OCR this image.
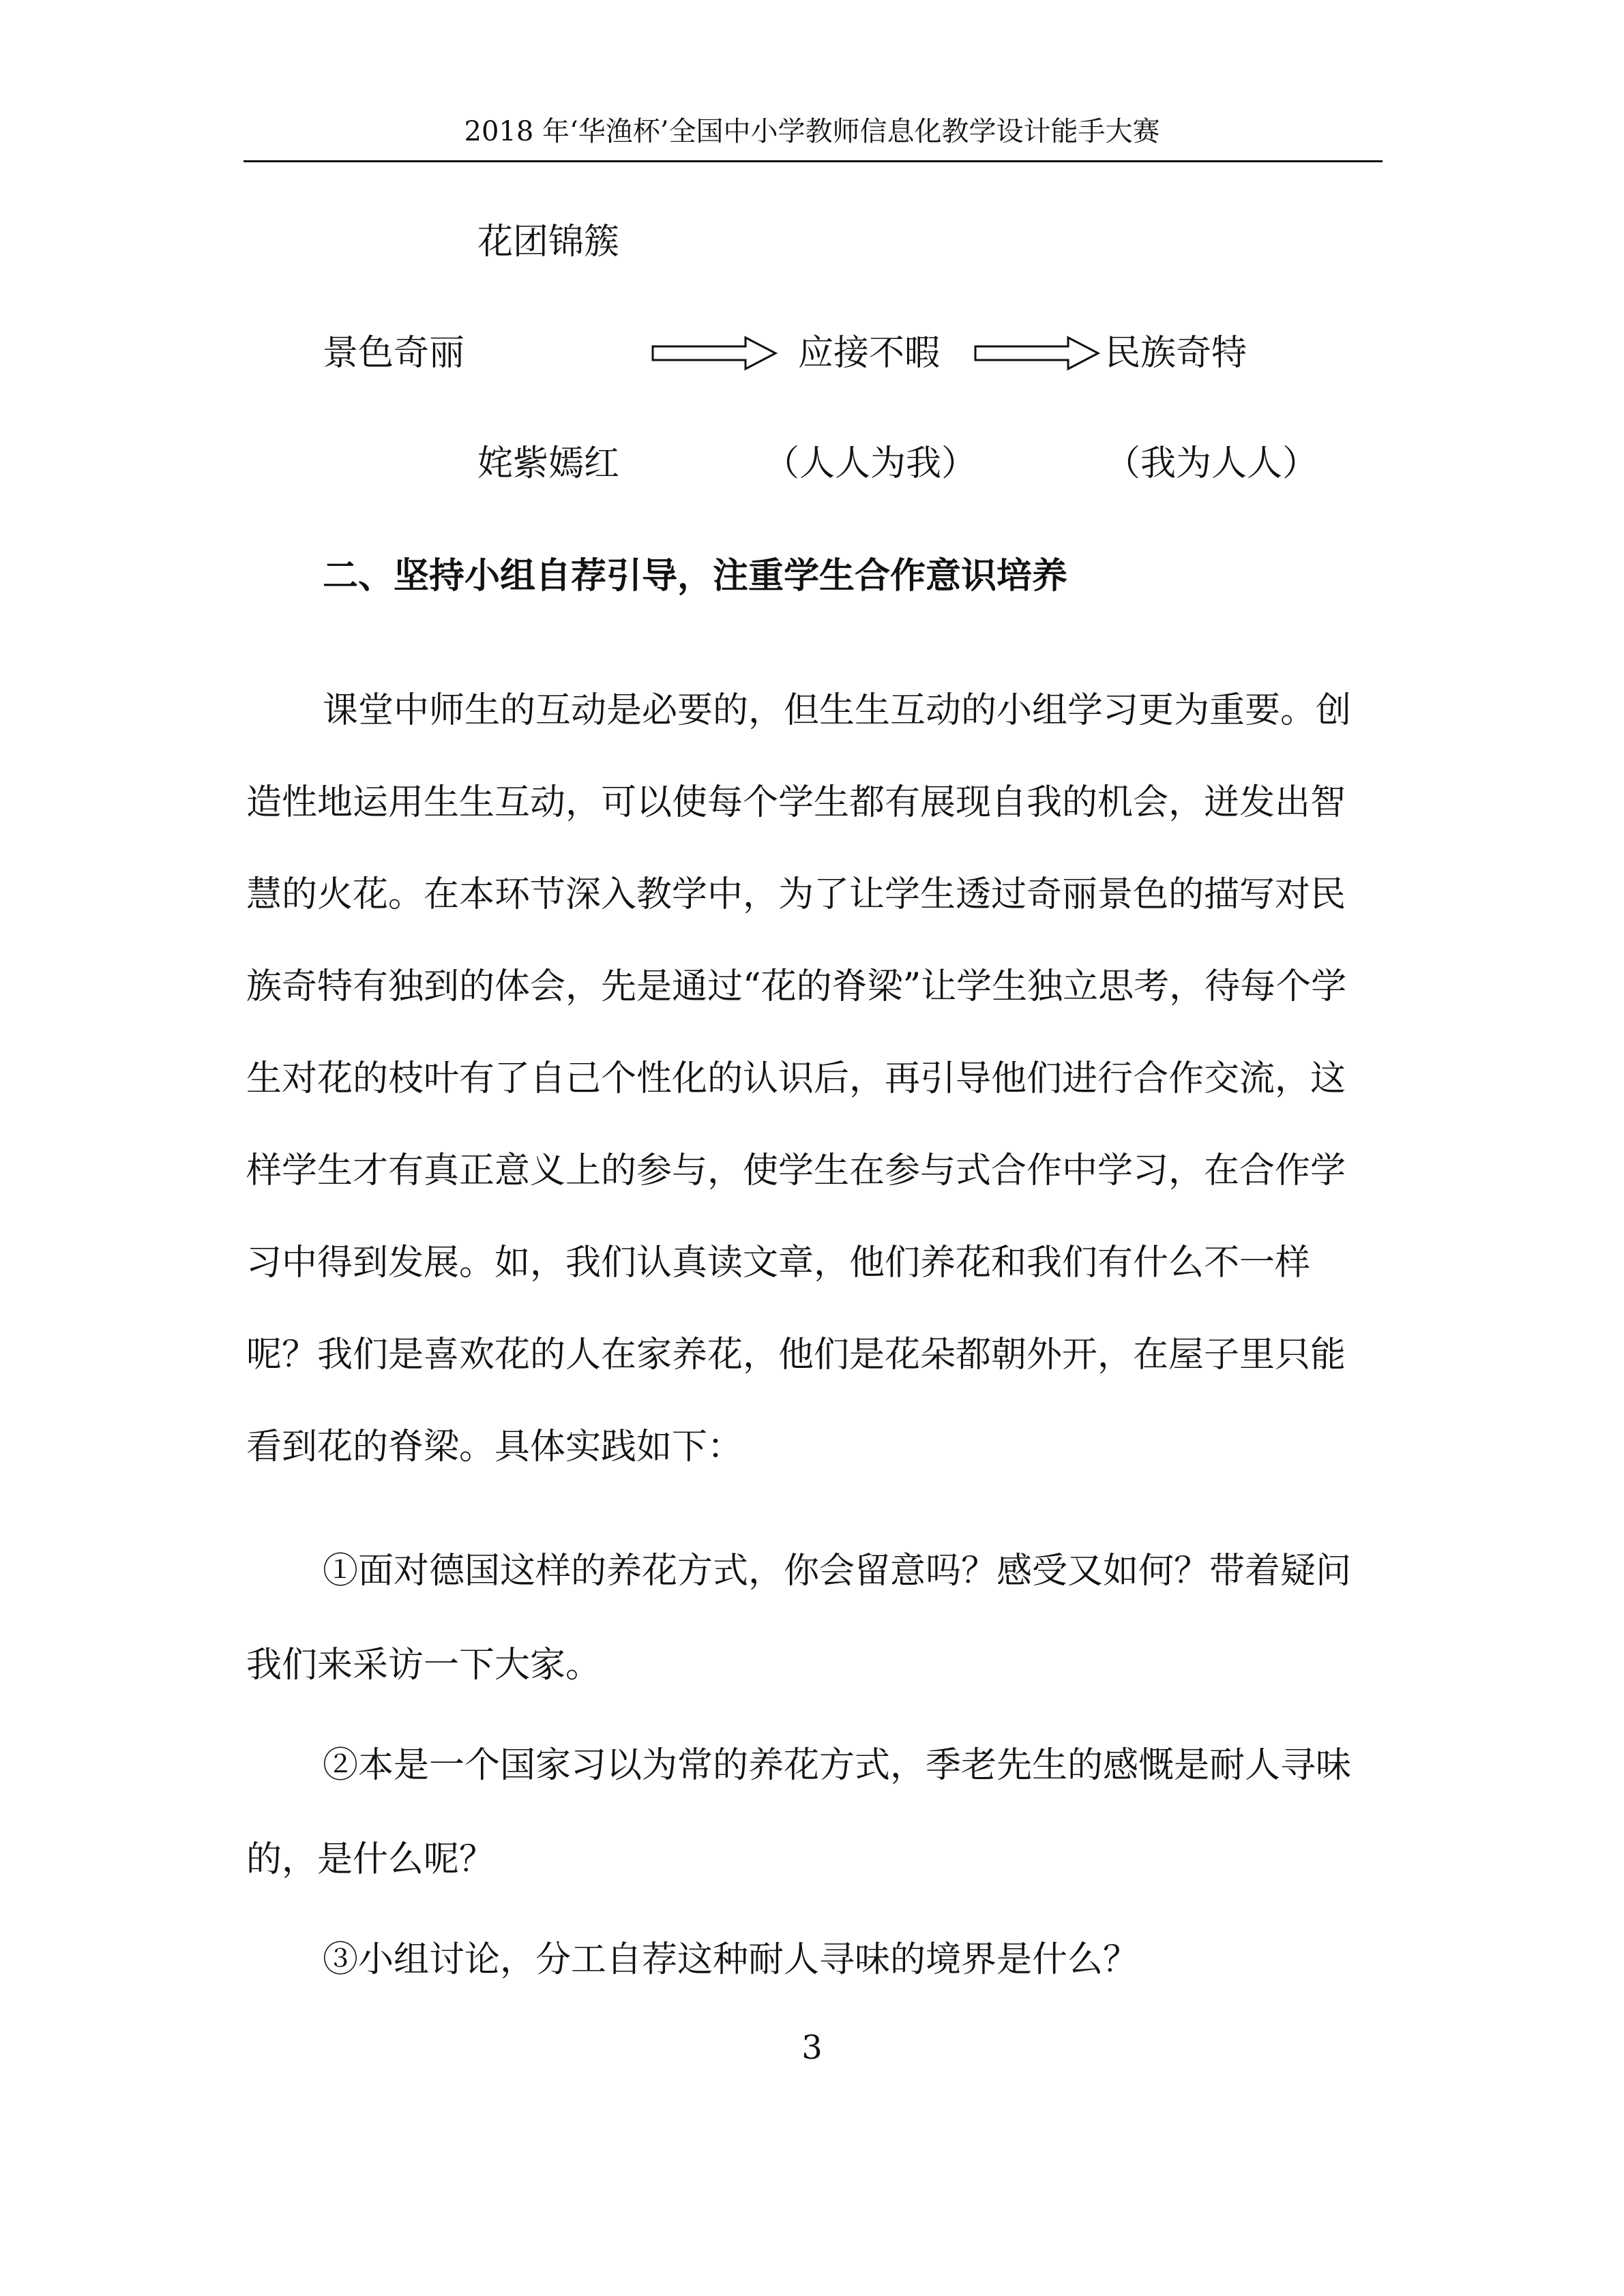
2018 年‘华渔杯’全国中小学教师信息化教学设计能手大赛
花团锦簇
景色奇丽
姹紫嫣红
应接不暇
（人人为我）
民族奇特
（我为人人）
二、坚持小组自荐引导，注重学生合作意识培养

课堂中师生的互动是必要的，但生生互动的小组学习更为重要。创造性地运用生生互动，可以使每个学生都有展现自我的机会，迸发出智慧的火花。在本环节深入教学中，为了让学生透过奇丽景色的描写对民族奇特有独到的体会，先是通过“花的脊梁”让学生独立思考，待每个学生对花的枝叶有了自己个性化的认识后，再引导他们进行合作交流，这样学生才有真正意义上的参与，使学生在参与式合作中学习，在合作学习中得到发展。如，我们认真读文章，他们养花和我们有什么不一样呢？我们是喜欢花的人在家养花，他们是花朵都朝外开，在屋子里只能看到花的脊梁。具体实践如下：

①面对德国这样的养花方式，你会留意吗？感受又如何？带着疑问我们来采访一下大家。

②本是一个国家习以为常的养花方式，季老先生的感慨是耐人寻味的，是什么呢？

③小组讨论，分工自荐这种耐人寻味的境界是什么？

3
